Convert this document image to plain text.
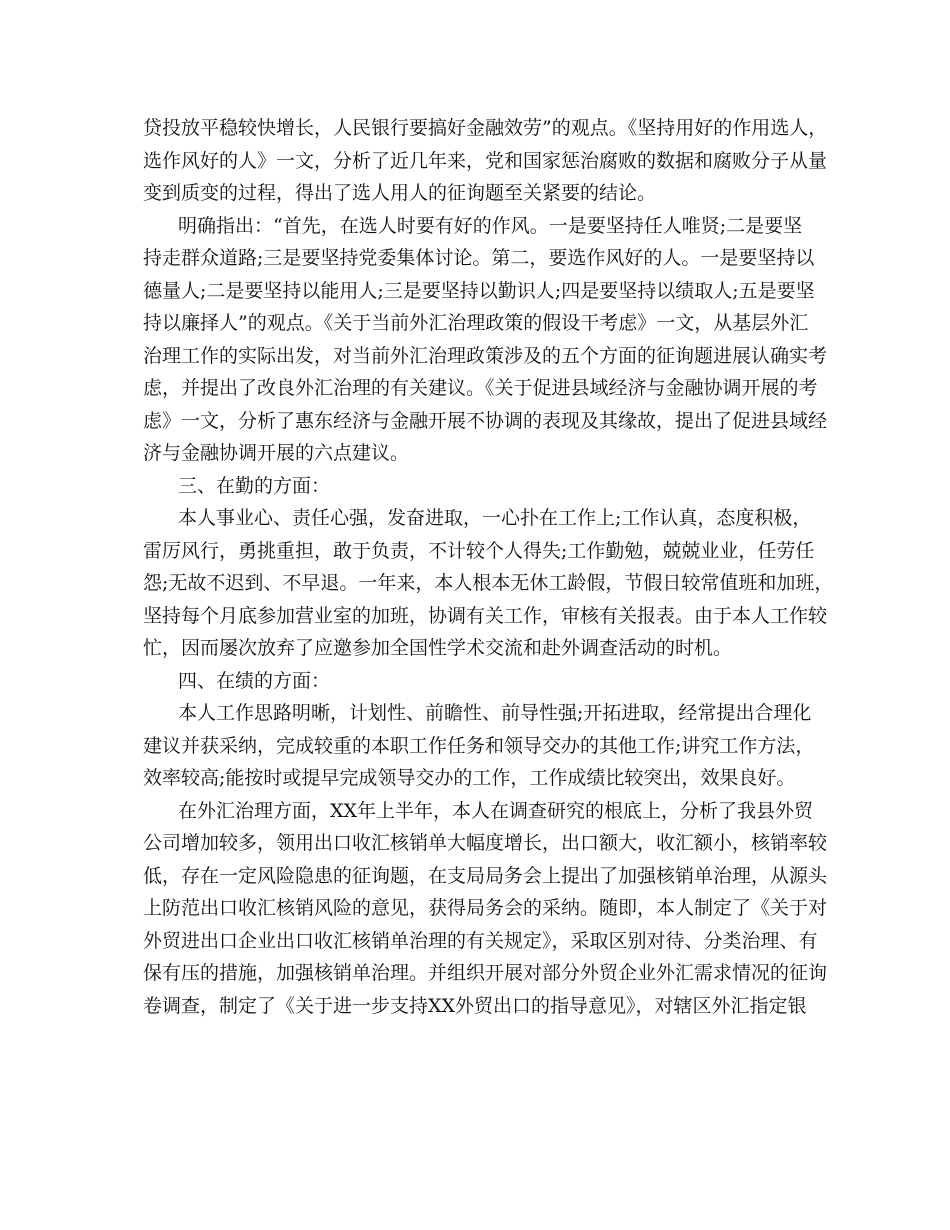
贷投放平稳较快增长，人民银行要搞好金融效劳”的观点。《坚持用好的作用选人，
选作风好的人》一文，分析了近几年来，党和国家惩治腐败的数据和腐败分子从量
变到质变的过程，得出了选人用人的征询题至关紧要的结论。
明确指出：“首先，在选人时要有好的作风。一是要坚持任人唯贤;二是要坚
持走群众道路;三是要坚持党委集体讨论。第二，要选作风好的人。一是要坚持以
德量人;二是要坚持以能用人;三是要坚持以勤识人;四是要坚持以绩取人;五是要坚
持以廉择人”的观点。《关于当前外汇治理政策的假设干考虑》一文，从基层外汇
治理工作的实际出发，对当前外汇治理政策涉及的五个方面的征询题进展认确实考
虑，并提出了改良外汇治理的有关建议。《关于促进县域经济与金融协调开展的考
虑》一文，分析了惠东经济与金融开展不协调的表现及其缘故，提出了促进县域经
济与金融协调开展的六点建议。
三、在勤的方面：
本人事业心、责任心强，发奋进取，一心扑在工作上;工作认真，态度积极，
雷厉风行，勇挑重担，敢于负责，不计较个人得失;工作勤勉，兢兢业业，任劳任
怨;无故不迟到、不早退。一年来，本人根本无休工龄假，节假日较常值班和加班，
坚持每个月底参加营业室的加班，协调有关工作，审核有关报表。由于本人工作较
忙，因而屡次放弃了应邀参加全国性学术交流和赴外调查活动的时机。
四、在绩的方面：
本人工作思路明晰，计划性、前瞻性、前导性强;开拓进取，经常提出合理化
建议并获采纳，完成较重的本职工作任务和领导交办的其他工作;讲究工作方法，
效率较高;能按时或提早完成领导交办的工作，工作成绩比较突出，效果良好。
在外汇治理方面，XX年上半年，本人在调查研究的根底上，分析了我县外贸
公司增加较多，领用出口收汇核销单大幅度增长，出口额大，收汇额小，核销率较
低，存在一定风险隐患的征询题，在支局局务会上提出了加强核销单治理，从源头
上防范出口收汇核销风险的意见，获得局务会的采纳。随即，本人制定了《关于对
外贸进出口企业出口收汇核销单治理的有关规定》，采取区别对待、分类治理、有
保有压的措施，加强核销单治理。并组织开展对部分外贸企业外汇需求情况的征询
卷调查，制定了《关于进一步支持XX外贸出口的指导意见》，对辖区外汇指定银
